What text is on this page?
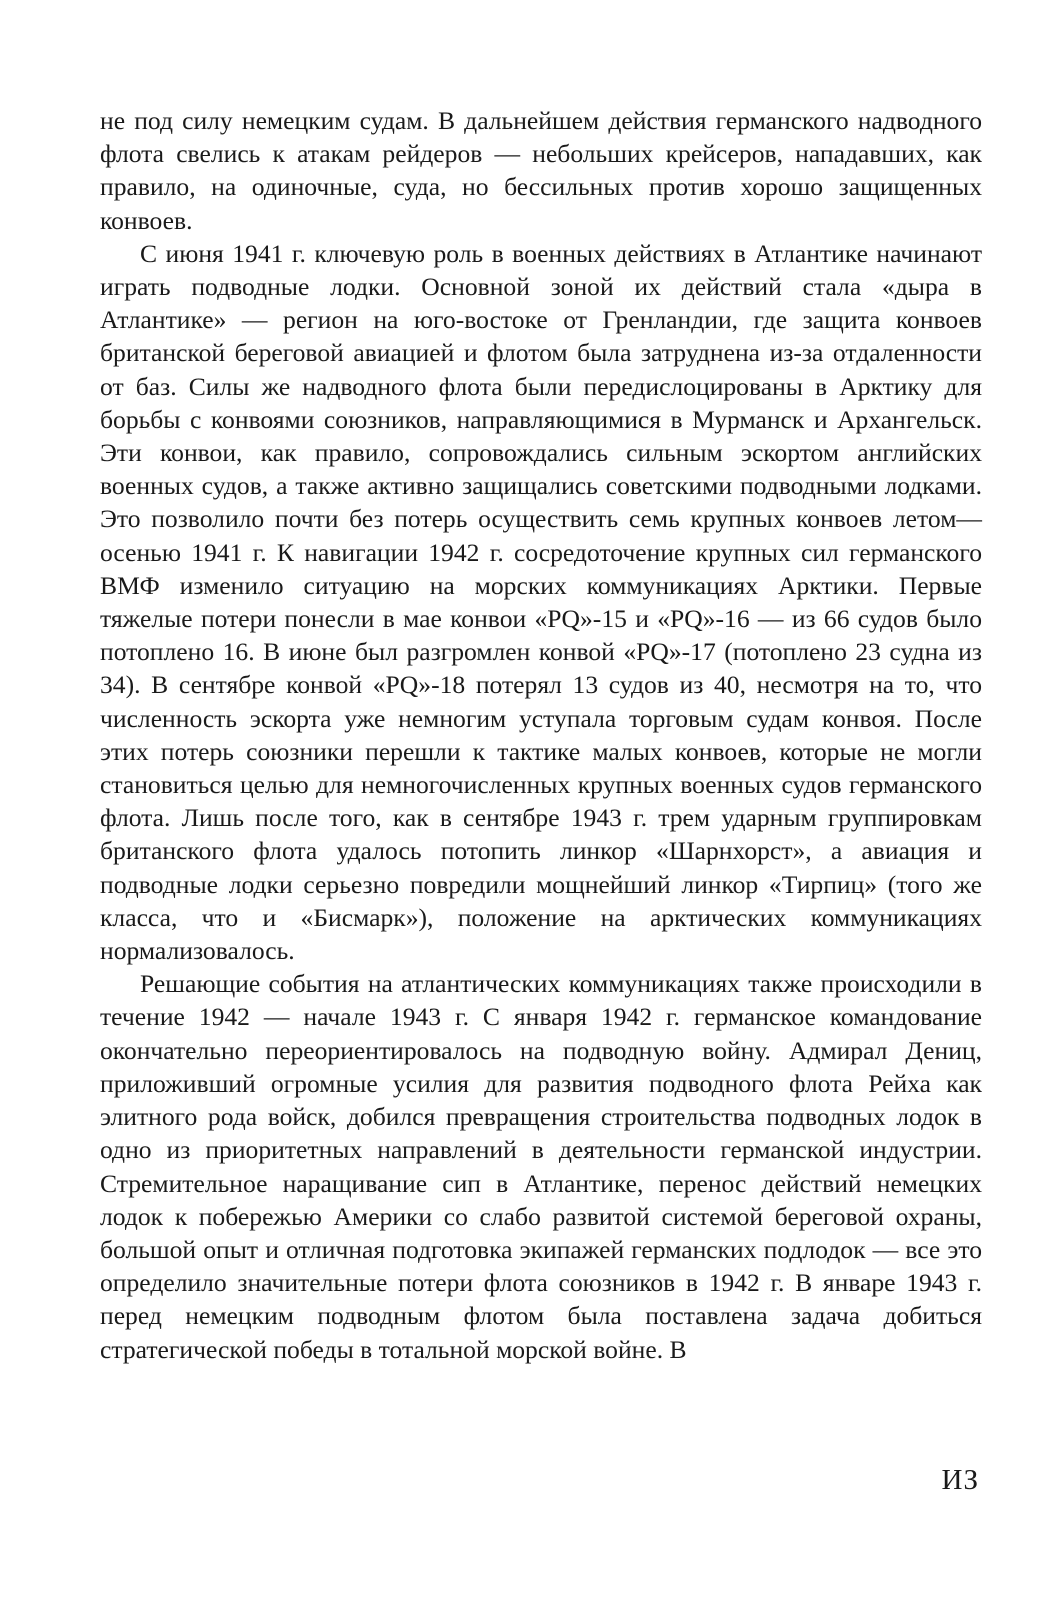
не под силу немецким судам. В дальнейшем действия германского надводного флота свелись к атакам рейдеров — небольших крейсеров, нападавших, как правило, на одиночные, суда, но бессильных против хорошо защищенных конвоев.

С июня 1941 г. ключевую роль в военных действиях в Атлантике начинают играть подводные лодки. Основной зоной их действий стала «дыра в Атлантике» — регион на юго-востоке от Гренландии, где защита конвоев британской береговой авиацией и флотом была затруднена из-за отдаленности от баз. Силы же надводного флота были передислоцированы в Арктику для борьбы с конвоями союзников, направляющимися в Мурманск и Архангельск. Эти конвои, как правило, сопровождались сильным эскортом английских военных судов, а также активно защищались советскими подводными лодками. Это позволило почти без потерь осуществить семь крупных конвоев летом—осенью 1941 г. К навигации 1942 г. сосредоточение крупных сил германского ВМФ изменило ситуацию на морских коммуникациях Арктики. Первые тяжелые потери понесли в мае конвои «PQ»-15 и «PQ»-16 — из 66 судов было потоплено 16. В июне был разгромлен конвой «PQ»-17 (потоплено 23 судна из 34). В сентябре конвой «PQ»-18 потерял 13 судов из 40, несмотря на то, что численность эскорта уже немногим уступала торговым судам конвоя. После этих потерь союзники перешли к тактике малых конвоев, которые не могли становиться целью для немногочисленных крупных военных судов германского флота. Лишь после того, как в сентябре 1943 г. трем ударным группировкам британского флота удалось потопить линкор «Шарнхорст», а авиация и подводные лодки серьезно повредили мощнейший линкор «Тирпиц» (того же класса, что и «Бисмарк»), положение на арктических коммуникациях нормализовалось.

Решающие события на атлантических коммуникациях также происходили в течение 1942 — начале 1943 г. С января 1942 г. германское командование окончательно переориентировалось на подводную войну. Адмирал Дениц, приложивший огромные усилия для развития подводного флота Рейха как элитного рода войск, добился превращения строительства подводных лодок в одно из приоритетных направлений в деятельности германской индустрии. Стремительное наращивание сип в Атлантике, перенос действий немецких лодок к побережью Америки со слабо развитой системой береговой охраны, большой опыт и отличная подготовка экипажей германских подлодок — все это определило значительные потери флота союзников в 1942 г. В январе 1943 г. перед немецким подводным флотом была поставлена задача добиться стратегической победы в тотальной морской войне. В

ИЗ
